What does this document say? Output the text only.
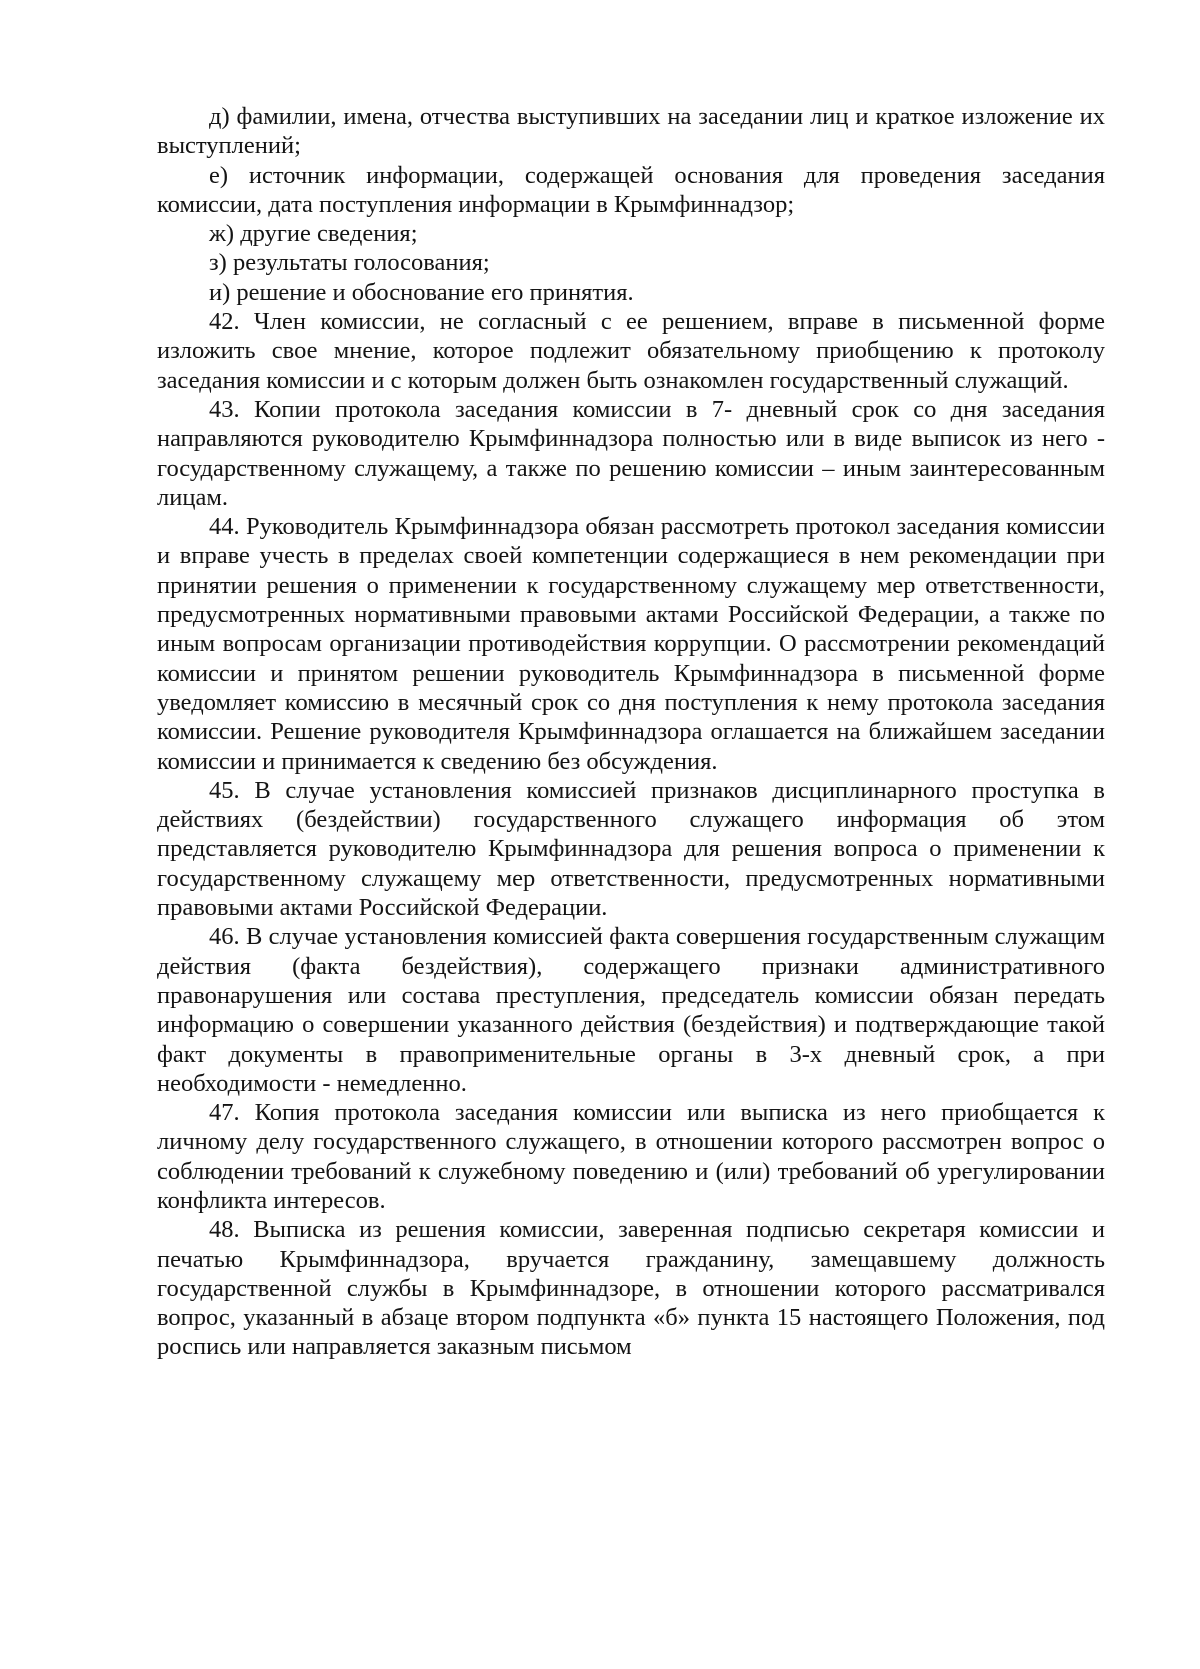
д) фамилии, имена, отчества выступивших на заседании лиц и краткое изложение их выступлений;

е) источник информации, содержащей основания для проведения заседания комиссии, дата поступления информации в Крымфиннадзор;

ж) другие сведения;

з) результаты голосования;

и) решение и обоснование его принятия.

42. Член комиссии, не согласный с ее решением, вправе в письменной форме изложить свое мнение, которое подлежит обязательному приобщению к протоколу заседания комиссии и с которым должен быть ознакомлен государственный служащий.

43. Копии протокола заседания комиссии в 7- дневный срок со дня заседания направляются руководителю Крымфиннадзора полностью или в виде выписок из него - государственному служащему, а также по решению комиссии – иным заинтересованным лицам.

44. Руководитель Крымфиннадзора обязан рассмотреть протокол заседания комиссии и вправе учесть в пределах своей компетенции содержащиеся в нем рекомендации при принятии решения о применении к государственному служащему мер ответственности, предусмотренных нормативными правовыми актами Российской Федерации, а также по иным вопросам организации противодействия коррупции. О рассмотрении рекомендаций комиссии и принятом решении руководитель Крымфиннадзора в письменной форме уведомляет комиссию в месячный срок со дня поступления к нему протокола заседания комиссии. Решение руководителя Крымфиннадзора оглашается на ближайшем заседании комиссии и принимается к сведению без обсуждения.

45. В случае установления комиссией признаков дисциплинарного проступка в действиях (бездействии) государственного служащего информация об этом представляется руководителю Крымфиннадзора для решения вопроса о применении к государственному служащему мер ответственности, предусмотренных нормативными правовыми актами Российской Федерации.

46. В случае установления комиссией факта совершения государственным служащим действия (факта бездействия), содержащего признаки административного правонарушения или состава преступления, председатель комиссии обязан передать информацию о совершении указанного действия (бездействия) и подтверждающие такой факт документы в правоприменительные органы в 3-х дневный срок, а при необходимости - немедленно.

47. Копия протокола заседания комиссии или выписка из него приобщается к личному делу государственного служащего, в отношении которого рассмотрен вопрос о соблюдении требований к служебному поведению и (или) требований об урегулировании конфликта интересов.

48. Выписка из решения комиссии, заверенная подписью секретаря комиссии и печатью Крымфиннадзора, вручается гражданину, замещавшему должность государственной службы в Крымфиннадзоре, в отношении которого рассматривался вопрос, указанный в абзаце втором подпункта «б» пункта 15 настоящего Положения, под роспись или направляется заказным письмом
